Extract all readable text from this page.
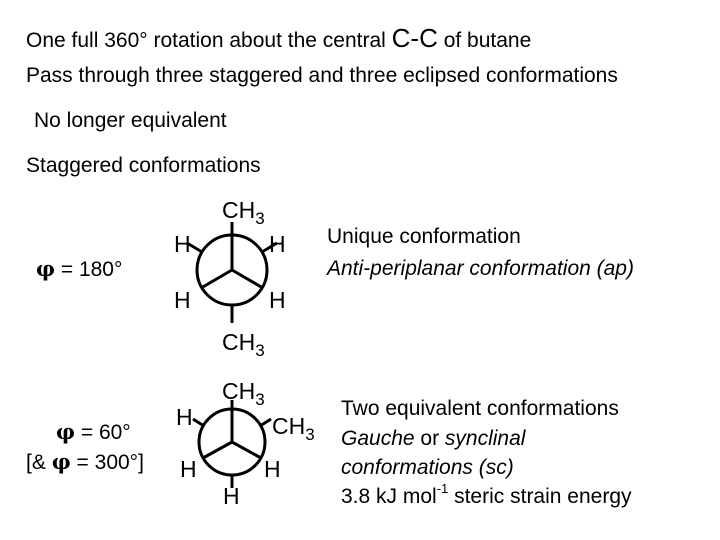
One full 360° rotation about the central C-C of butane
Pass through three staggered and three eclipsed conformations
No longer equivalent
Staggered conformations
φ = 180°
φ = 60°
[& φ = 300°]
Unique conformation
Anti-periplanar conformation (ap)
Two equivalent conformations
Gauche or synclinal
conformations (sc)
3.8 kJ mol$^{-1}$ steric strain energy
$CH_3$
H	H
H	H
$CH_3$
$CH_3$
H	$CH_3$
H	H
H
